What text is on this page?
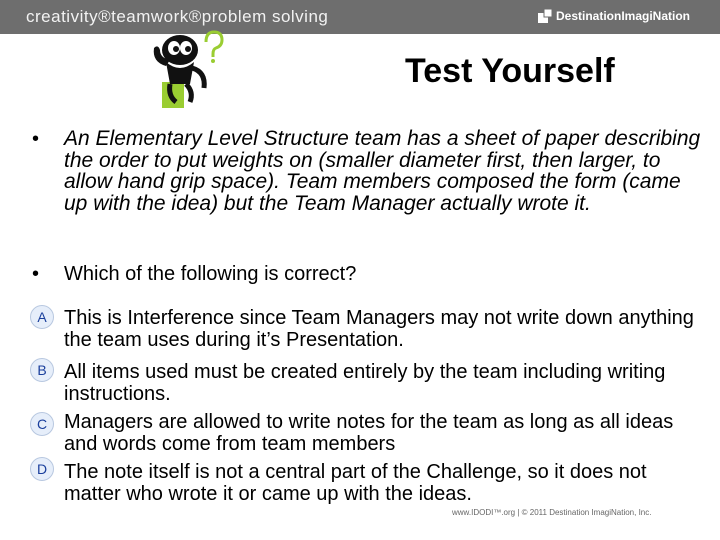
creativity®teamwork®problem solving	DestinationImagiNation
Test Yourself
• An Elementary Level Structure team has a sheet of paper describing the order to put weights on (smaller diameter first, then larger, to allow hand grip space). Team members composed the form (came up with the idea) but the Team Manager actually wrote it.
• Which of the following is correct?
A This is Interference since Team Managers may not write down anything the team uses during it’s Presentation.
B All items used must be created entirely by the team including writing instructions.
C Managers are allowed to write notes for the team as long as all ideas and words come from team members
D The note itself is not a central part of the Challenge, so it does not matter who wrote it or came up with the ideas.
www.IDODI™.org | © 2011 Destination ImagiNation, Inc.
